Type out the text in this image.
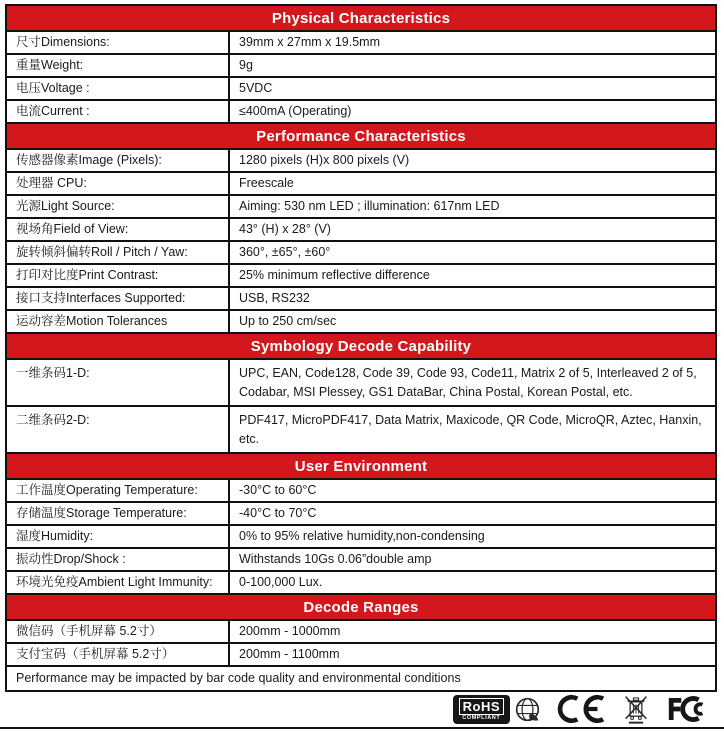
Physical Characteristics
尺寸Dimensions:	39mm x 27mm x 19.5mm
重量Weight:	9g
电压Voltage :	5VDC
电流Current :	≤400mA (Operating)
Performance Characteristics
传感器像素Image (Pixels):	1280 pixels (H)x 800 pixels (V)
处理器 CPU:	Freescale
光源Light Source:	Aiming: 530 nm LED ; illumination: 617nm LED
视场角Field of View:	43° (H) x 28° (V)
旋转倾斜偏转Roll / Pitch / Yaw:	360°, ±65°, ±60°
打印对比度Print Contrast:	25% minimum reflective difference
接口支持Interfaces Supported:	USB, RS232
运动容差Motion Tolerances	Up to 250 cm/sec
Symbology Decode Capability
一维条码1-D:	UPC, EAN, Code128, Code 39, Code 93, Code11, Matrix 2 of 5, Interleaved 2 of 5, Codabar, MSI Plessey, GS1 DataBar, China Postal, Korean Postal, etc.
二维条码2-D:	PDF417, MicroPDF417, Data Matrix, Maxicode, QR Code, MicroQR, Aztec, Hanxin, etc.
User Environment
工作温度Operating Temperature:	-30°C to 60°C
存储温度Storage Temperature:	-40°C to 70°C
湿度Humidity:	0% to 95% relative humidity,non-condensing
振动性Drop/Shock :	Withstands 10Gs 0.06”double amp
环境光免疫Ambient Light Immunity:	0-100,000 Lux.
Decode Ranges
微信码（手机屏幕 5.2寸）	200mm - 1000mm
支付宝码（手机屏幕 5.2寸）	200mm - 1100mm
Performance may be impacted by bar code quality and environmental conditions
RoHS
COMPLIANT
